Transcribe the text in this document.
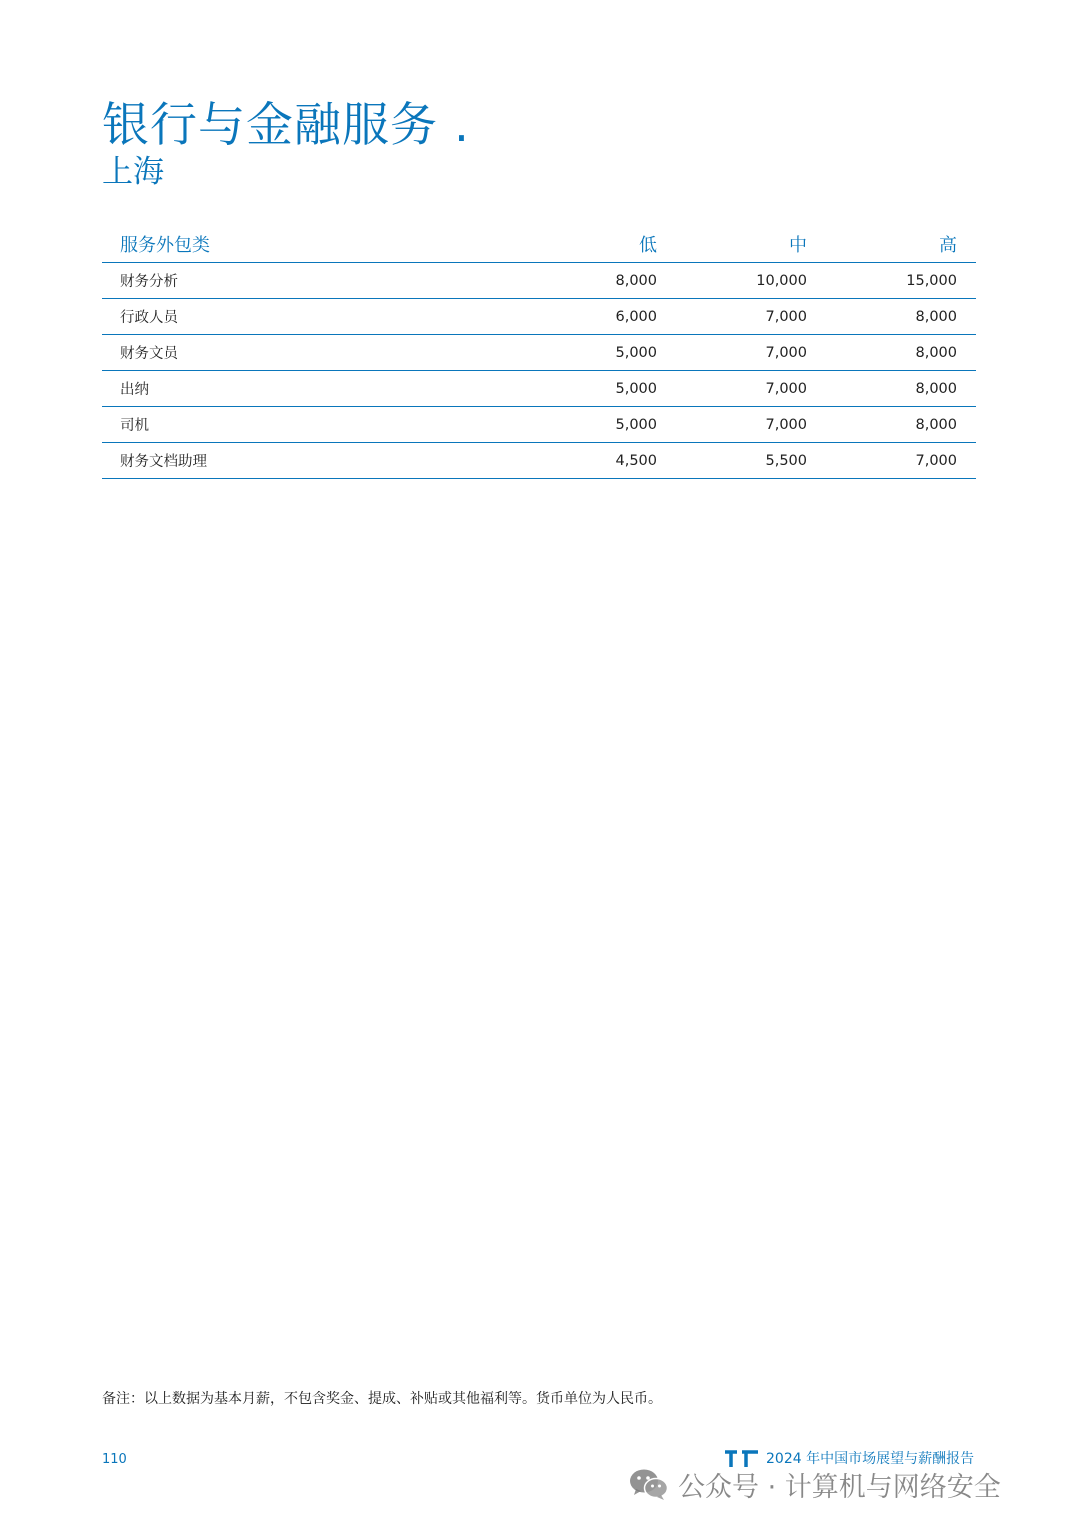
银行与金融服务 .
上海
服务外包类	低	中	高
财务分析	8,000	10,000	15,000
行政人员	6,000	7,000	8,000
财务文员	5,000	7,000	8,000
出纳	5,000	7,000	8,000
司机	5,000	7,000	8,000
财务文档助理	4,500	5,500	7,000
备注：以上数据为基本月薪，不包含奖金、提成、补贴或其他福利等。货币单位为人民币。
110	2024 年中国市场展望与薪酬报告
公众号 · 计算机与网络安全
